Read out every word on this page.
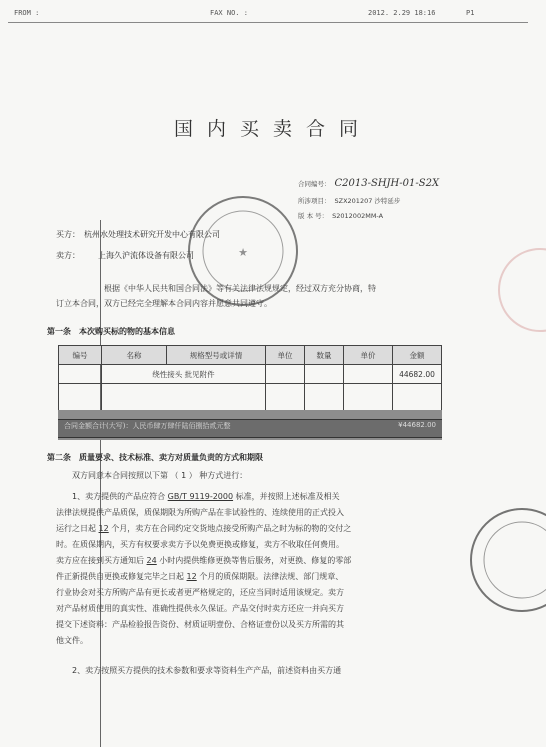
FROM :	FAX NO. :	2012. 2.29 18:16	P1
国内买卖合同
合同编号： C2013-SHJH-01-S2X
所涉项目： SZX201207 沙特延步
版 本 号： S2012002MM-A
买方： 杭州水处理技术研究开发中心有限公司
卖方： 上海久沪流体设备有限公司
根据《中华人民共和国合同法》等有关法律法规规定，经过双方充分协商，特
订立本合同，双方已经完全理解本合同内容并愿意共同遵守。
第一条　本次购买标的物的基本信息
编号	名称	规格型号或详情	单位	数量	单价	金额
	绕性接头 批见附件					44682.00

合同金额合计(大写)：人民币肆万肆仟陆佰捌拾贰元整	¥44682.00
第二条　质量要求、技术标准、卖方对质量负责的方式和期限
双方同意本合同按照以下第 （ 1 ） 种方式进行：
1、卖方提供的产品应符合 GB/T 9119-2000 标准，并按照上述标准及相关
法律法规提供产品质保，质保期限为所购产品在非试验性的、连续使用的正式投入
运行之日起 12 个月，卖方在合同约定交货地点接受所购产品之时为标的物的交付之
时。在质保期内，买方有权要求卖方予以免费更换或修复，卖方不收取任何费用。
卖方应在接到买方通知后 24 小时内提供维修更换等售后服务，对更换、修复的零部
件正新提供自更换或修复完毕之日起 12 个月的质保期限。法律法规、部门规章、
行业协会对买方所购产品有更长或者更严格规定的，还应当同时适用该规定。卖方
对产品材质使用的真实性、准确性提供永久保证。产品交付时卖方还应一并向买方
提交下述资料：产品检验报告资份、材质证明壹份、合格证壹份以及买方所需的其
他文件。
2、卖方按照买方提供的技术参数和要求等资料生产产品，前述资料由买方通
★
